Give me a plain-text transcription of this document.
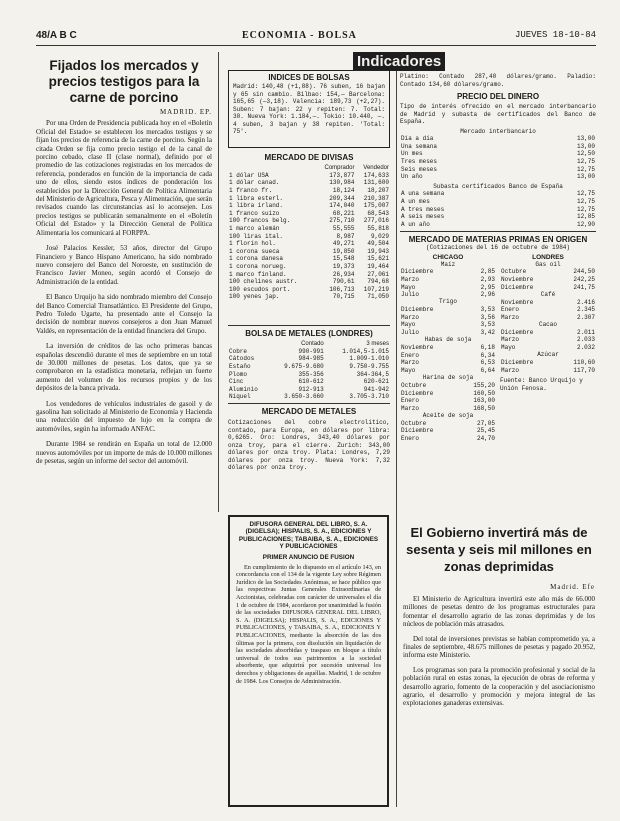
48/A B C	ECONOMIA - BOLSA	JUEVES 18-10-84
Fijados los mercados y precios testigos para la carne de porcino
MADRID. EP.

Por una Orden de Presidencia publicada hoy en el «Boletín Oficial del Estado» se establecen los mercados testigos y se fijan los precios de referencia de la carne de porcino. Según la citada Orden se fija como precio testigo el de la canal de porcino cebado, clase II (clase normal), definido por el promedio de las cotizaciones registradas en los mercados de referencia, ponderados en función de la importancia de cada uno de ellos, siendo estos índices de ponderación los establecidos por la Dirección General de Política Alimentaria del Ministerio de Agricultura, Pesca y Alimentación, que serán revisados cuando las circunstancias así lo aconsejen. Los precios testigos se publicarán semanalmente en el «Boletín Oficial del Estado» y la Dirección General de Política Alimentaria los comunicará al FORPPA.

José Palacios Kessler, 53 años, director del Grupo Financiero y Banco Hispano Americano, ha sido nombrado nuevo consejero del Banco del Noroeste, en sustitución de Francisco Javier Moneo, según acordó el Consejo de Administración de la entidad.

El Banco Urquijo ha sido nombrado miembro del Consejo del Banco Comercial Transatlántico. El Presidente del Grupo, Pedro Toledo Ugarte, ha presentado ante el Consejo la decisión de nombrar nuevos consejeros a don Juan Manuel Valdés, en representación de la entidad financiera del Grupo.

La inversión de créditos de las ocho primeras bancas españolas descendió durante el mes de septiembre en un total de 30.000 millones de pesetas. Los datos, que ya se comprobaron en la estadística monetaria, reflejan un fuerte aumento del volumen de los recursos propios y de los depósitos de la banca privada.

Los vendedores de vehículos industriales de gasoil y de gasolina han solicitado al Ministerio de Economía y Hacienda una reducción del impuesto de lujo en la compra de automóviles, según ha informado ANFAC.

Durante 1984 se rendirán en España un total de 12.000 nuevos automóviles por un importe de más de 10.000 millones de pesetas, según un informe del sector del automóvil.

Indicadores
INDICES DE BOLSAS
Madrid: 140,48 (+1,88). 76 suben, 16 bajan y 65 sin cambio. Bilbao: 154,— Barcelona: 165,65 (—3,18). Valencia: 189,73 (+2,27). Suben: 7 bajan: 22 y repiten: 7. Total: 30. Nueva York: 1.184,—. Tokio: 10.440, —. 4 suben, 3 bajan y 38 repiten. 'Total: 75'.
MERCADO DE DIVISAS
	Comprador	Vendedor
1 dólar USA	173,877	174,633
1 dólar canad.	130,984	131,600
1 franco fr.	18,124	18,207
1 libra esterl.	209,344	210,387
1 libra irland.	174,040	175,007
1 franco suizo	68,221	68,543
100 francos belg.	275,710	277,016
1 marco alemán	55,555	55,818
100 liras ital.	8,987	9,029
1 florín hol.	49,271	49,504
1 corona sueca	19,850	19,943
1 corona danesa	15,548	15,621
1 corona norueg.	19,373	19,464
1 marco finland.	26,934	27,061
100 chelines austr.	790,61	794,68
100 escudos port.	106,713	107,219
100 yenes jap.	70,715	71,050
BOLSA DE METALES (LONDRES)
	Contado	3 meses
Cobre	990-991	1.014,5-1.015
Cátodos	984-985	1.009-1.010
Estaño	9.675-9.680	9.750-9.755
Plomo	355-356	364-364,5
Cinc	610-612	620-621
Aluminio	912-913	941-942
Níquel	3.650-3.660	3.705-3.710
MERCADO DE METALES
Cotizaciones del cobre electrolítico, contado, para Europa, en dólares por libra: 0,6265. Oro: Londres, 343,40 dólares por onza troy, para el cierre. Zurich: 343,00 dólares por onza troy. Plata: Londres, 7,29 dólares por onza troy. Nueva York: 7,32 dólares por onza troy.
Platino: Contado 287,40 dólares/gramo. Paladio: Contado 134,60 dólares/gramo.
PRECIO DEL DINERO
Tipo de interés ofrecido en el mercado interbancario de Madrid y subasta de certificados del Banco de España.
Mercado interbancario
Día a día	13,00
Una semana	13,00
Un mes	12,50
Tres meses	12,75
Seis meses	12,75
Un año	13,00
Subasta certificados Banco de España
A una semana	12,75
A un mes	12,75
A tres meses	12,75
A seis meses	12,85
A un año	12,90
MERCADO DE MATERIAS PRIMAS EN ORIGEN
(Cotizaciones del 16 de octubre de 1984)
CHICAGO
Maíz
Diciembre	2,85
Marzo	2,93
Mayo	2,95
Julio	2,96
Trigo
Diciembre	3,53
Marzo	3,56
Mayo	3,53
Julio	3,42
Habas de soja
Noviembre	6,18
Enero	6,34
Marzo	6,53
Mayo	6,64
Harina de soja
Octubre	155,20
Diciembre	160,50
Enero	163,00
Marzo	168,50
Aceite de soja
Octubre	27,05
Diciembre	25,45
Enero	24,70
LONDRES
Gas oil
Octubre	244,50
Noviembre	242,25
Diciembre	241,75
Café
Noviembre	2.416
Enero	2.345
Marzo	2.307
Cacao
Diciembre	2.011
Marzo	2.033
Mayo	2.032
Azúcar
Diciembre	110,60
Marzo	117,70
Fuente: Banco Urquijo y Unión Fenosa.
DIFUSORA GENERAL DEL LIBRO, S. A. (DIGELSA); HISPALIS, S. A., EDICIONES Y PUBLICACIONES; TABAIBA, S. A., EDICIONES Y PUBLICACIONES
PRIMER ANUNCIO DE FUSION
En cumplimiento de lo dispuesto en el artículo 143, en concordancia con el 134 de la vigente Ley sobre Régimen Jurídico de las Sociedades Anónimas, se hace público que las respectivas Juntas Generales Extraordinarias de Accionistas, celebradas con carácter de universales el día 1 de octubre de 1984, acordaron por unanimidad la fusión de las sociedades DIFUSORA GENERAL DEL LIBRO, S. A. (DIGELSA); HISPALIS, S. A., EDICIONES Y PUBLICACIONES, y TABAIBA, S. A., EDICIONES Y PUBLICACIONES, mediante la absorción de las dos últimas por la primera, con disolución sin liquidación de las sociedades absorbidas y traspaso en bloque a título universal de todos sus patrimonios a la sociedad absorbente, que adquirirá por sucesión universal los derechos y obligaciones de aquéllas. Madrid, 1 de octubre de 1984. Los Consejos de Administración.
El Gobierno invertirá más de sesenta y seis mil millones en zonas deprimidas
Madrid. Efe

El Ministerio de Agricultura invertirá este año más de 66.000 millones de pesetas dentro de los programas estructurales para fomentar el desarrollo agrario de las zonas deprimidas y de los núcleos de población más atrasados.

Del total de inversiones previstas se habían comprometido ya, a finales de septiembre, 48.675 millones de pesetas y pagado 20.952, informa este Ministerio.

Los programas son para la promoción profesional y social de la población rural en estas zonas, la ejecución de obras de reforma y desarrollo agrario, fomento de la cooperación y del asociacionismo agrario, el desarrollo y promoción y mejora integral de las explotaciones ganaderas extensivas.
